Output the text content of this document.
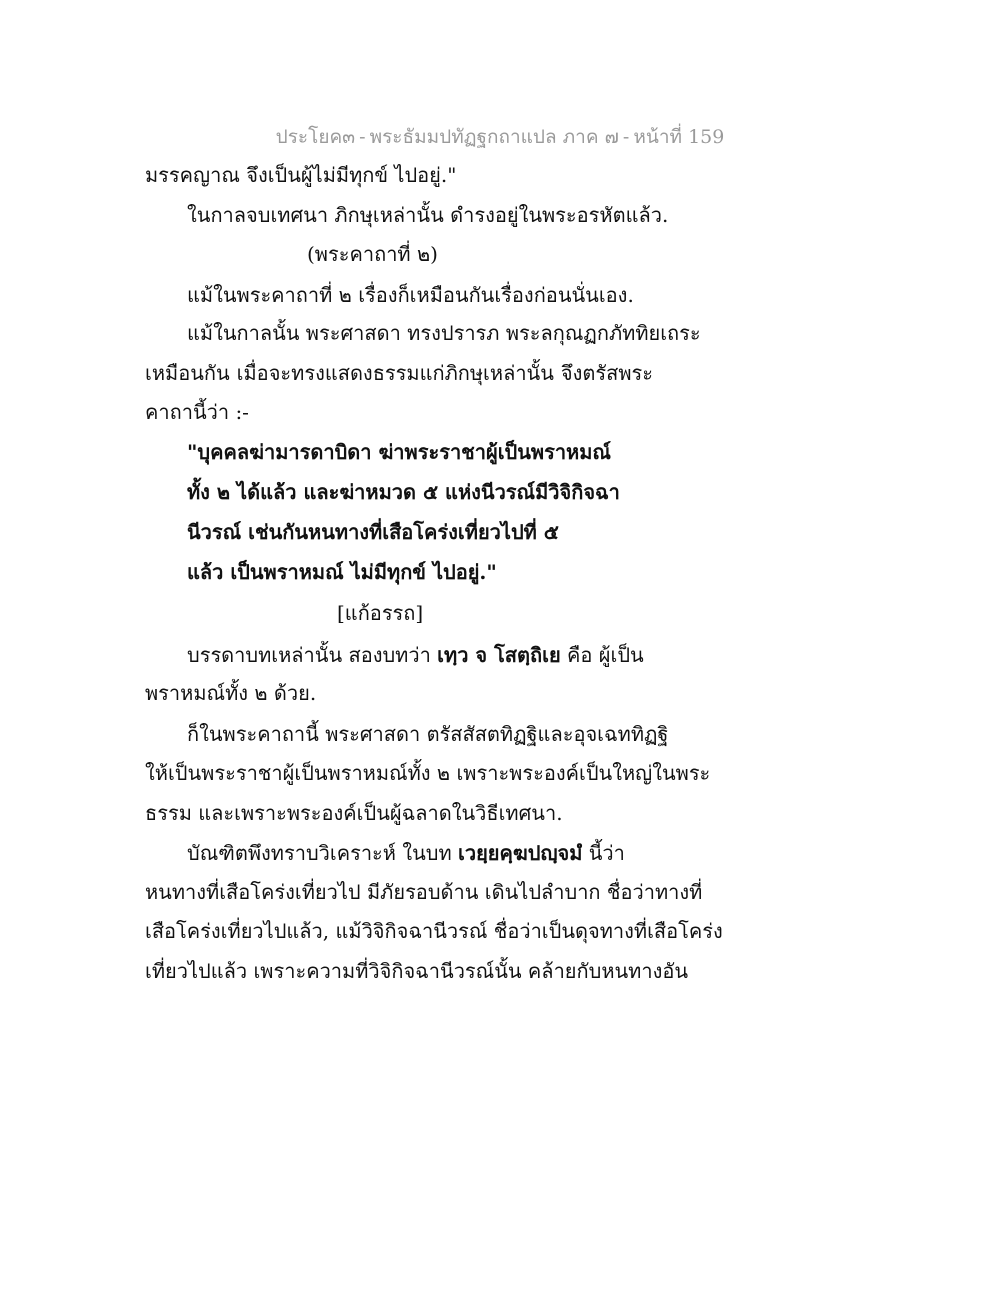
ประโยค๓ - พระธัมมปทัฏฐกถาแปล ภาค ๗ - หน้าที่ 159
มรรคญาณ จึงเป็นผู้ไม่มีทุกข์ ไปอยู่."
ในกาลจบเทศนา ภิกษุเหล่านั้น ดำรงอยู่ในพระอรหัตแล้ว.
(พระคาถาที่ ๒)
แม้ในพระคาถาที่ ๒ เรื่องก็เหมือนกันเรื่องก่อนนั่นเอง.
แม้ในกาลนั้น พระศาสดา ทรงปรารภ พระลกุณฏกภัททิยเถระ
เหมือนกัน เมื่อจะทรงแสดงธรรมแก่ภิกษุเหล่านั้น จึงตรัสพระ
คาถานี้ว่า :-
"บุคคลฆ่ามารดาบิดา ฆ่าพระราชาผู้เป็นพราหมณ์
ทั้ง ๒ ได้แล้ว และฆ่าหมวด ๕ แห่งนีวรณ์มีวิจิกิจฉา
นีวรณ์ เช่นกันหนทางที่เสือโคร่งเที่ยวไปที่ ๕
แล้ว เป็นพราหมณ์ ไม่มีทุกข์ ไปอยู่."
[แก้อรรถ]
บรรดาบทเหล่านั้น สองบทว่า เทฺว จ โสตฺถิเย คือ ผู้เป็น
พราหมณ์ทั้ง ๒ ด้วย.
ก็ในพระคาถานี้ พระศาสดา ตรัสสัสตทิฏฐิและอุจเฉททิฏฐิ
ให้เป็นพระราชาผู้เป็นพราหมณ์ทั้ง ๒ เพราะพระองค์เป็นใหญ่ในพระ
ธรรม และเพราะพระองค์เป็นผู้ฉลาดในวิธีเทศนา.
บัณฑิตพึงทราบวิเคราะห์ ในบท เวยฺยคฺฆปญฺจมํ นี้ว่า
หนทางที่เสือโคร่งเที่ยวไป มีภัยรอบด้าน เดินไปลำบาก ชื่อว่าทางที่
เสือโคร่งเที่ยวไปแล้ว, แม้วิจิกิจฉานีวรณ์ ชื่อว่าเป็นดุจทางที่เสือโคร่ง
เที่ยวไปแล้ว เพราะความที่วิจิกิจฉานีวรณ์นั้น คล้ายกับหนทางอัน
